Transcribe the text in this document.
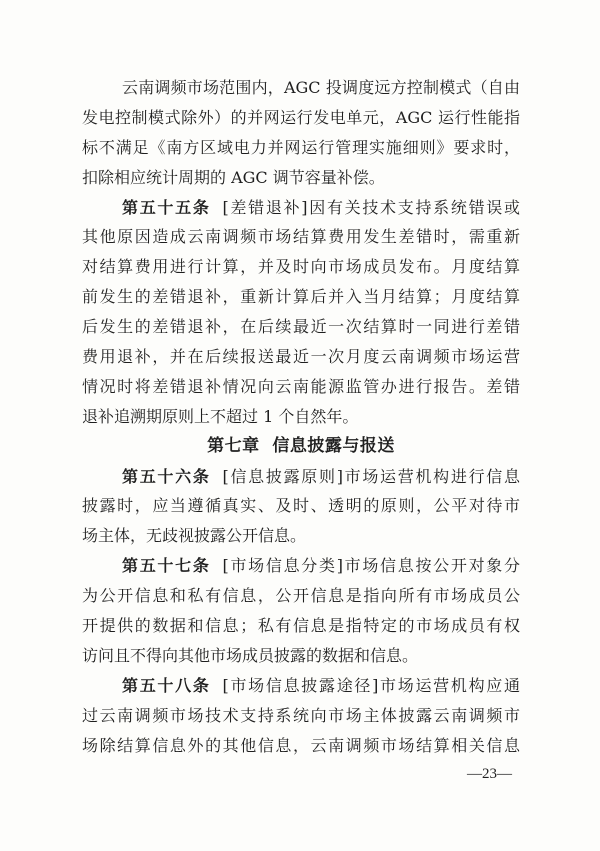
云南调频市场范围内，AGC 投调度远方控制模式（自由
发电控制模式除外）的并网运行发电单元，AGC 运行性能指
标不满足《南方区域电力并网运行管理实施细则》要求时，
扣除相应统计周期的 AGC 调节容量补偿。
第五十五条 [差错退补]因有关技术支持系统错误或
其他原因造成云南调频市场结算费用发生差错时，需重新
对结算费用进行计算，并及时向市场成员发布。月度结算
前发生的差错退补，重新计算后并入当月结算；月度结算
后发生的差错退补，在后续最近一次结算时一同进行差错
费用退补，并在后续报送最近一次月度云南调频市场运营
情况时将差错退补情况向云南能源监管办进行报告。差错
退补追溯期原则上不超过 1 个自然年。
第七章  信息披露与报送
第五十六条 [信息披露原则]市场运营机构进行信息
披露时，应当遵循真实、及时、透明的原则，公平对待市
场主体，无歧视披露公开信息。
第五十七条 [市场信息分类]市场信息按公开对象分
为公开信息和私有信息，公开信息是指向所有市场成员公
开提供的数据和信息；私有信息是指特定的市场成员有权
访问且不得向其他市场成员披露的数据和信息。
第五十八条 [市场信息披露途径]市场运营机构应通
过云南调频市场技术支持系统向市场主体披露云南调频市
场除结算信息外的其他信息，云南调频市场结算相关信息
—23—
